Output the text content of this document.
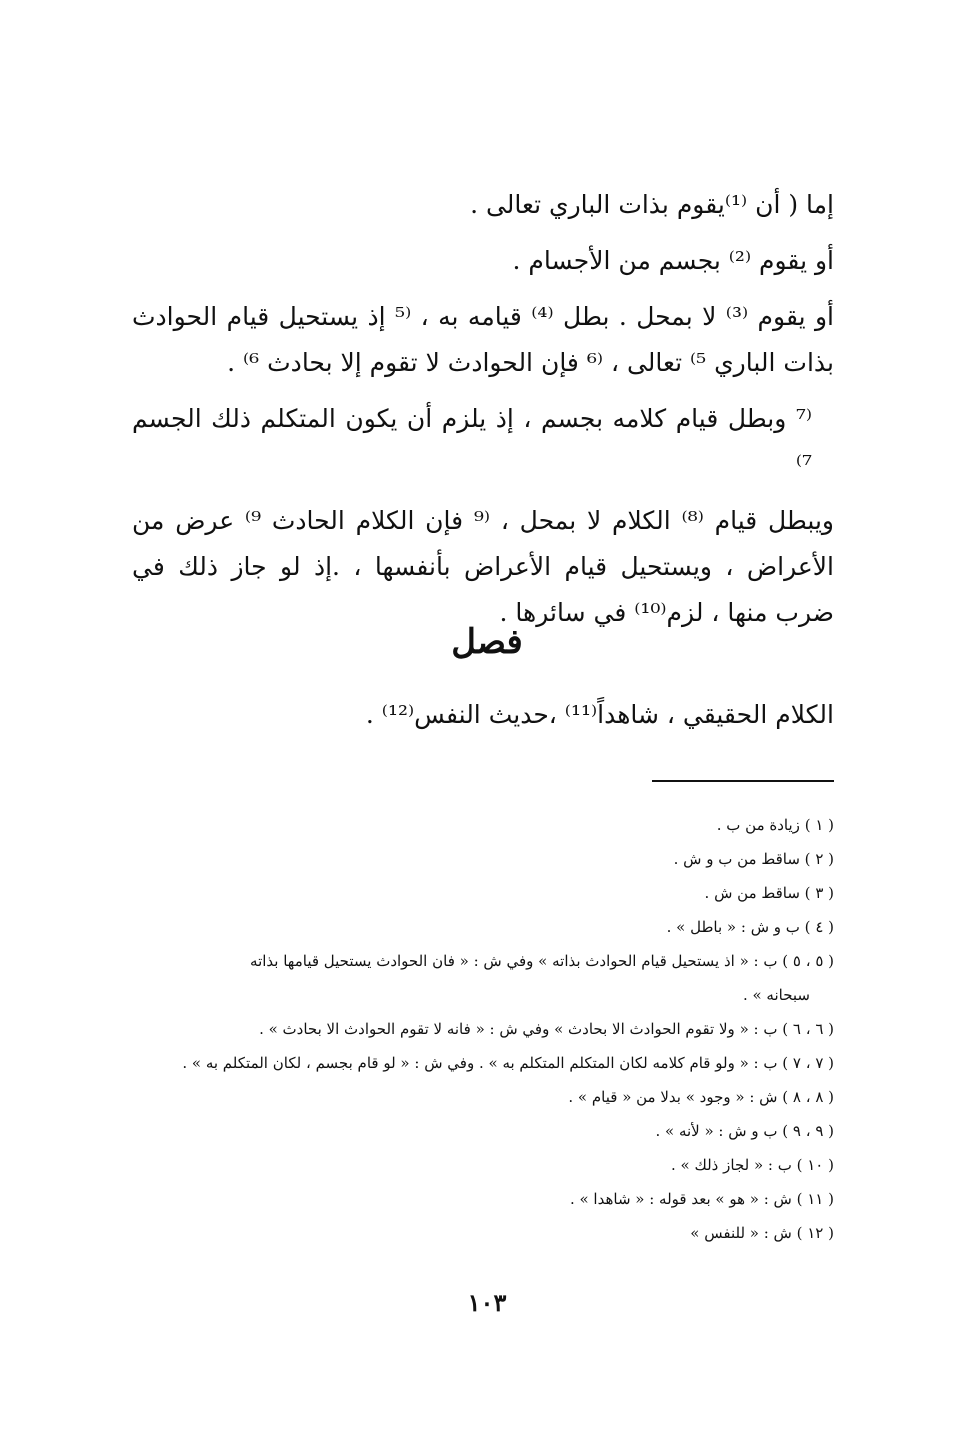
إما ( أن ⁽¹⁾يقوم بذات الباري تعالى .

أو يقوم ⁽²⁾ بجسم من الأجسام .

أو يقوم ⁽³⁾ لا بمحل . بطل ⁽⁴⁾ قيامه به ، ⁽⁵ إذ يستحيل قيام الحوادث بذات الباري ⁵⁾ تعالى ، ⁽⁶ فإن الحوادث لا تقوم إلا بحادث ⁶⁾ .

⁽⁷ وبطل قيام كلامه بجسم ، إذ يلزم أن يكون المتكلم ذلك الجسم ⁷⁾

ويبطل قيام ⁽⁸⁾ الكلام لا بمحل ، ⁽⁹ فإن الكلام الحادث ⁹⁾ عرض من الأعراض ، ويستحيل قيام الأعراض بأنفسها ، .إذ لو جاز ذلك في ضرب منها ، لزم⁽¹⁰⁾ في سائرها .

فصل
الكلام الحقيقي ، شاهداً⁽¹¹⁾ ،حديث النفس⁽¹²⁾ .

( ١ ) زيادة من ب .

( ٢ ) ساقط من ب و ش .

( ٣ ) ساقط من ش .

( ٤ ) ب و ش : « باطل » .

( ٥ ، ٥ ) ب : « اذ يستحيل قيام الحوادث بذاته » وفي ش : « فان الحوادث يستحيل قيامها بذاته

سبحانه » .

( ٦ ، ٦ ) ب : « ولا تقوم الحوادث الا بحادث » وفي ش : « فانه لا تقوم الحوادث الا بحادث » .

( ٧ ، ٧ ) ب : « ولو قام كلامه لكان المتكلم المتكلم به » . وفي ش : « لو قام بجسم ، لكان المتكلم به » .

( ٨ ، ٨ ) ش : « وجود » بدلا من « قيام » .

( ٩ ، ٩ ) ب و ش : « لأنه » .

( ١٠ ) ب : « لجاز ذلك » .

( ١١ ) ش : « هو » بعد قوله : « شاهدا » .

( ١٢ ) ش : « للنفس »

١٠٣
